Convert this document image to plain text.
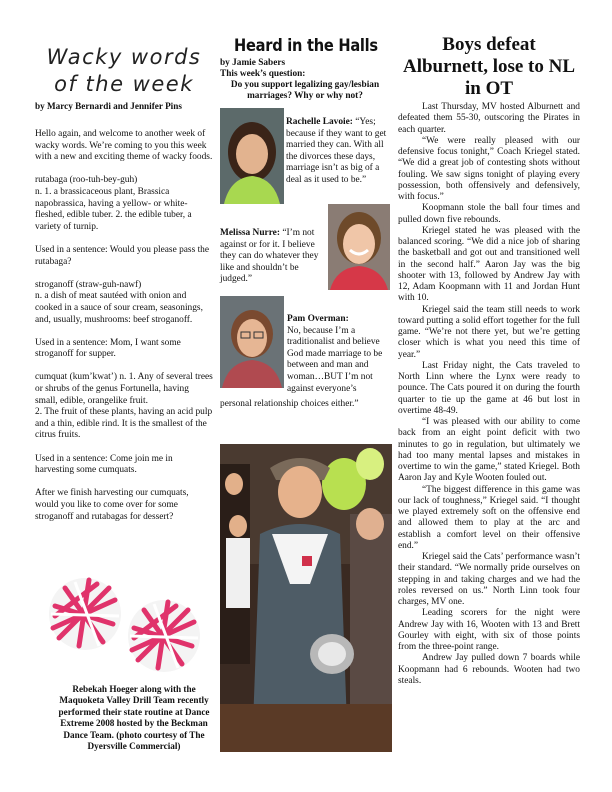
Wacky words
of the week

by Marcy Bernardi and Jennifer Pins

Hello again, and welcome to another week of wacky words. We’re coming to you this week with a new and exciting theme of wacky foods.

rutabaga (roo-tuh-bey-guh)
n. 1. a brassicaceous plant, Brassica napobrassica, having a yellow- or white-fleshed, edible tuber. 2. the edible tuber, a variety of turnip.

Used in a sentence: Would you please pass the rutabaga?

stroganoff (straw-guh-nawf)
n. a dish of meat sautéed with onion and cooked in a sauce of sour cream, seasonings, and, usually, mushrooms: beef stroganoff.

Used in a sentence: Mom, I want some stroganoff for supper.

cumquat (kum’kwat’) n. 1. Any of several trees or shrubs of the genus Fortunella, having small, edible, orangelike fruit.
2. The fruit of these plants, having an acid pulp and a thin, edible rind. It is the smallest of the citrus fruits.

Used in a sentence: Come join me in harvesting some cumquats.

After we finish harvesting our cumquats, would you like to come over for some stroganoff and rutabagas for dessert?

Rebekah Hoeger along with the Maquoketa Valley Drill Team recently performed their state routine at Dance Extreme 2008 hosted by the Beckman Dance Team. (photo courtesy of The Dyersville Commercial)
Heard in the Halls

by Jamie Sabers

This week’s question:

Do you support legalizing gay/lesbian marriages? Why or why not?

Rachelle Lavoie: “Yes; because if they want to get married they can. With all the divorces these days, marriage isn’t as big of a deal as it used to be.”
Melissa Nurre: “I’m not against or for it. I believe they can do whatever they like and shouldn’t be judged.”
Pam Overman:
No, because I’m a traditionalist and believe God made marriage to be between and man and woman…BUT I’m not against everyone’s
personal relationship choices either.”
Boys defeat Alburnett, lose to NL in OT

Last Thursday, MV hosted Alburnett and defeated them 55-30, outscoring the Pirates in each quarter.

“We were really pleased with our defensive focus tonight,” Coach Kriegel stated. “We did a great job of contesting shots without fouling. We saw signs tonight of playing every possession, both offensively and defensively, with focus.”

Koopmann stole the ball four times and pulled down five rebounds.

Kriegel stated he was pleased with the balanced scoring. “We did a nice job of sharing the basketball and got out and transitioned well in the second half.” Aaron Jay was the big shooter with 13, followed by Andrew Jay with 12, Adam Koopmann with 11 and Jordan Hunt with 10.

Kriegel said the team still needs to work toward putting a solid effort together for the full game. “We’re not there yet, but we’re getting closer which is what you need this time of year.”

Last Friday night, the Cats traveled to North Linn where the Lynx were ready to pounce. The Cats poured it on during the fourth quarter to tie up the game at 46 but lost in overtime 48-49.

“I was pleased with our ability to come back from an eight point deficit with two minutes to go in regulation, but ultimately we had too many mental lapses and mistakes in overtime to win the game,” stated Kriegel. Both Aaron Jay and Kyle Wooten fouled out.

“The biggest difference in this game was our lack of toughness,” Kriegel said. “I thought we played extremely soft on the offensive end and allowed them to play at the arc and establish a comfort level on their offensive end.”

Kriegel said the Cats’ performance wasn’t their standard. “We normally pride ourselves on stepping in and taking charges and we had the roles reversed on us.” North Linn took four charges, MV one.

Leading scorers for the night were Andrew Jay with 16, Wooten with 13 and Brett Gourley with eight, with six of those points from the three-point range.

Andrew Jay pulled down 7 boards while Koopmann had 6 rebounds. Wooten had two steals.
